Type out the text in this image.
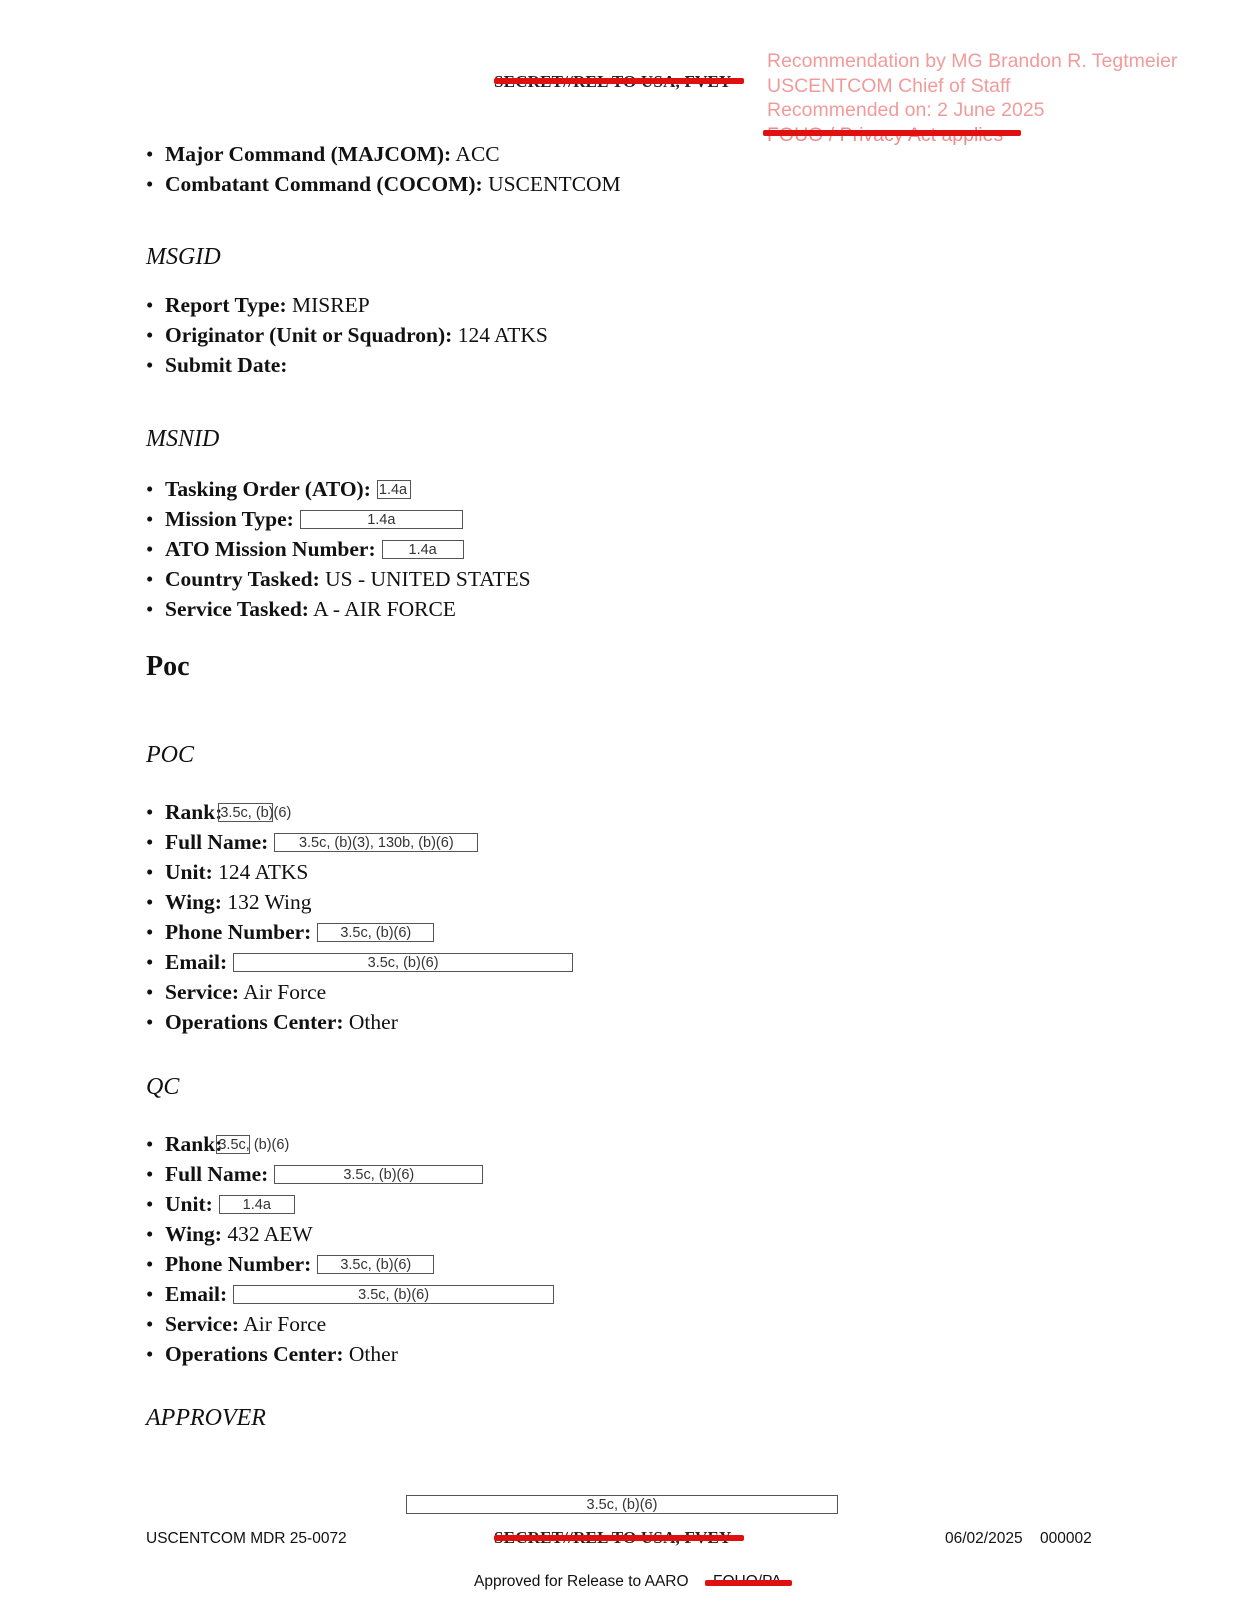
Recommendation by MG Brandon R. Tegtmeier
USCENTCOM Chief of Staff
Recommended on: 2 June 2025
• Major Command (MAJCOM): ACC
• Combatant Command (COCOM): USCENTCOM
MSGID
• Report Type: MISREP
• Originator (Unit or Squadron): 124 ATKS
• Submit Date:
MSNID
• Tasking Order (ATO): 1.4a
• Mission Type:	1.4a
• ATO Mission Number: 1.4a
• Country Tasked: US - UNITED STATES
• Service Tasked: A - AIR FORCE
Poc
POC
• Rank:3.5c, (b)(6)
• Full Name: 3.5c, (b)(3), 130b, (b)(6)
• Unit: 124 ATKS
• Wing: 132 Wing
• Phone Number: 3.5c, (b)(6)
• Email:	3.5c, (b)(6)
• Service: Air Force
• Operations Center: Other
QC
• Rank:3.5c, (b)(6)
• Full Name:	3.5c, (b)(6)
• Unit: 1.4a
• Wing: 432 AEW
• Phone Number: 3.5c, (b)(6)
• Email:	3.5c, (b)(6)
• Service: Air Force
• Operations Center: Other
APPROVER
3.5c, (b)(6)
USCENTCOM MDR 25-0072	06/02/2025 000002
Approved for Release to AARO
